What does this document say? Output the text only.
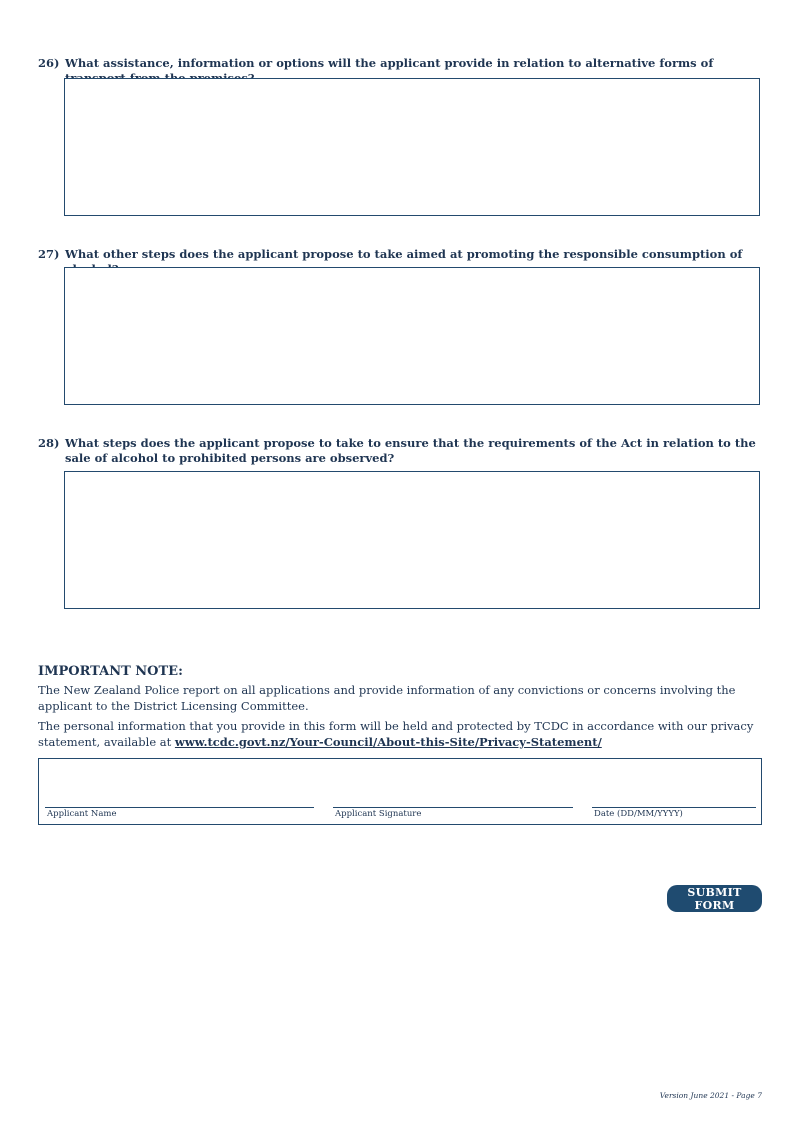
26) What assistance, information or options will the applicant provide in relation to alternative forms of
27) What other steps does the applicant propose to take aimed at promoting the responsible consumption of
28) What steps does the applicant propose to take to ensure that the requirements of the Act in relation to the sale of alcohol to prohibited persons are observed?
IMPORTANT NOTE:

The New Zealand Police report on all applications and provide information of any convictions or concerns involving the applicant to the District Licensing Committee.

The personal information that you provide in this form will be held and protected by TCDC in accordance with our privacy statement, available at www.tcdc.govt.nz/Your-Council/About-this-Site/Privacy-Statement/

Applicant Name	Applicant Signature	Date (DD/MM/YYYY)
SUBMIT FORM
Version June 2021 - Page 7
